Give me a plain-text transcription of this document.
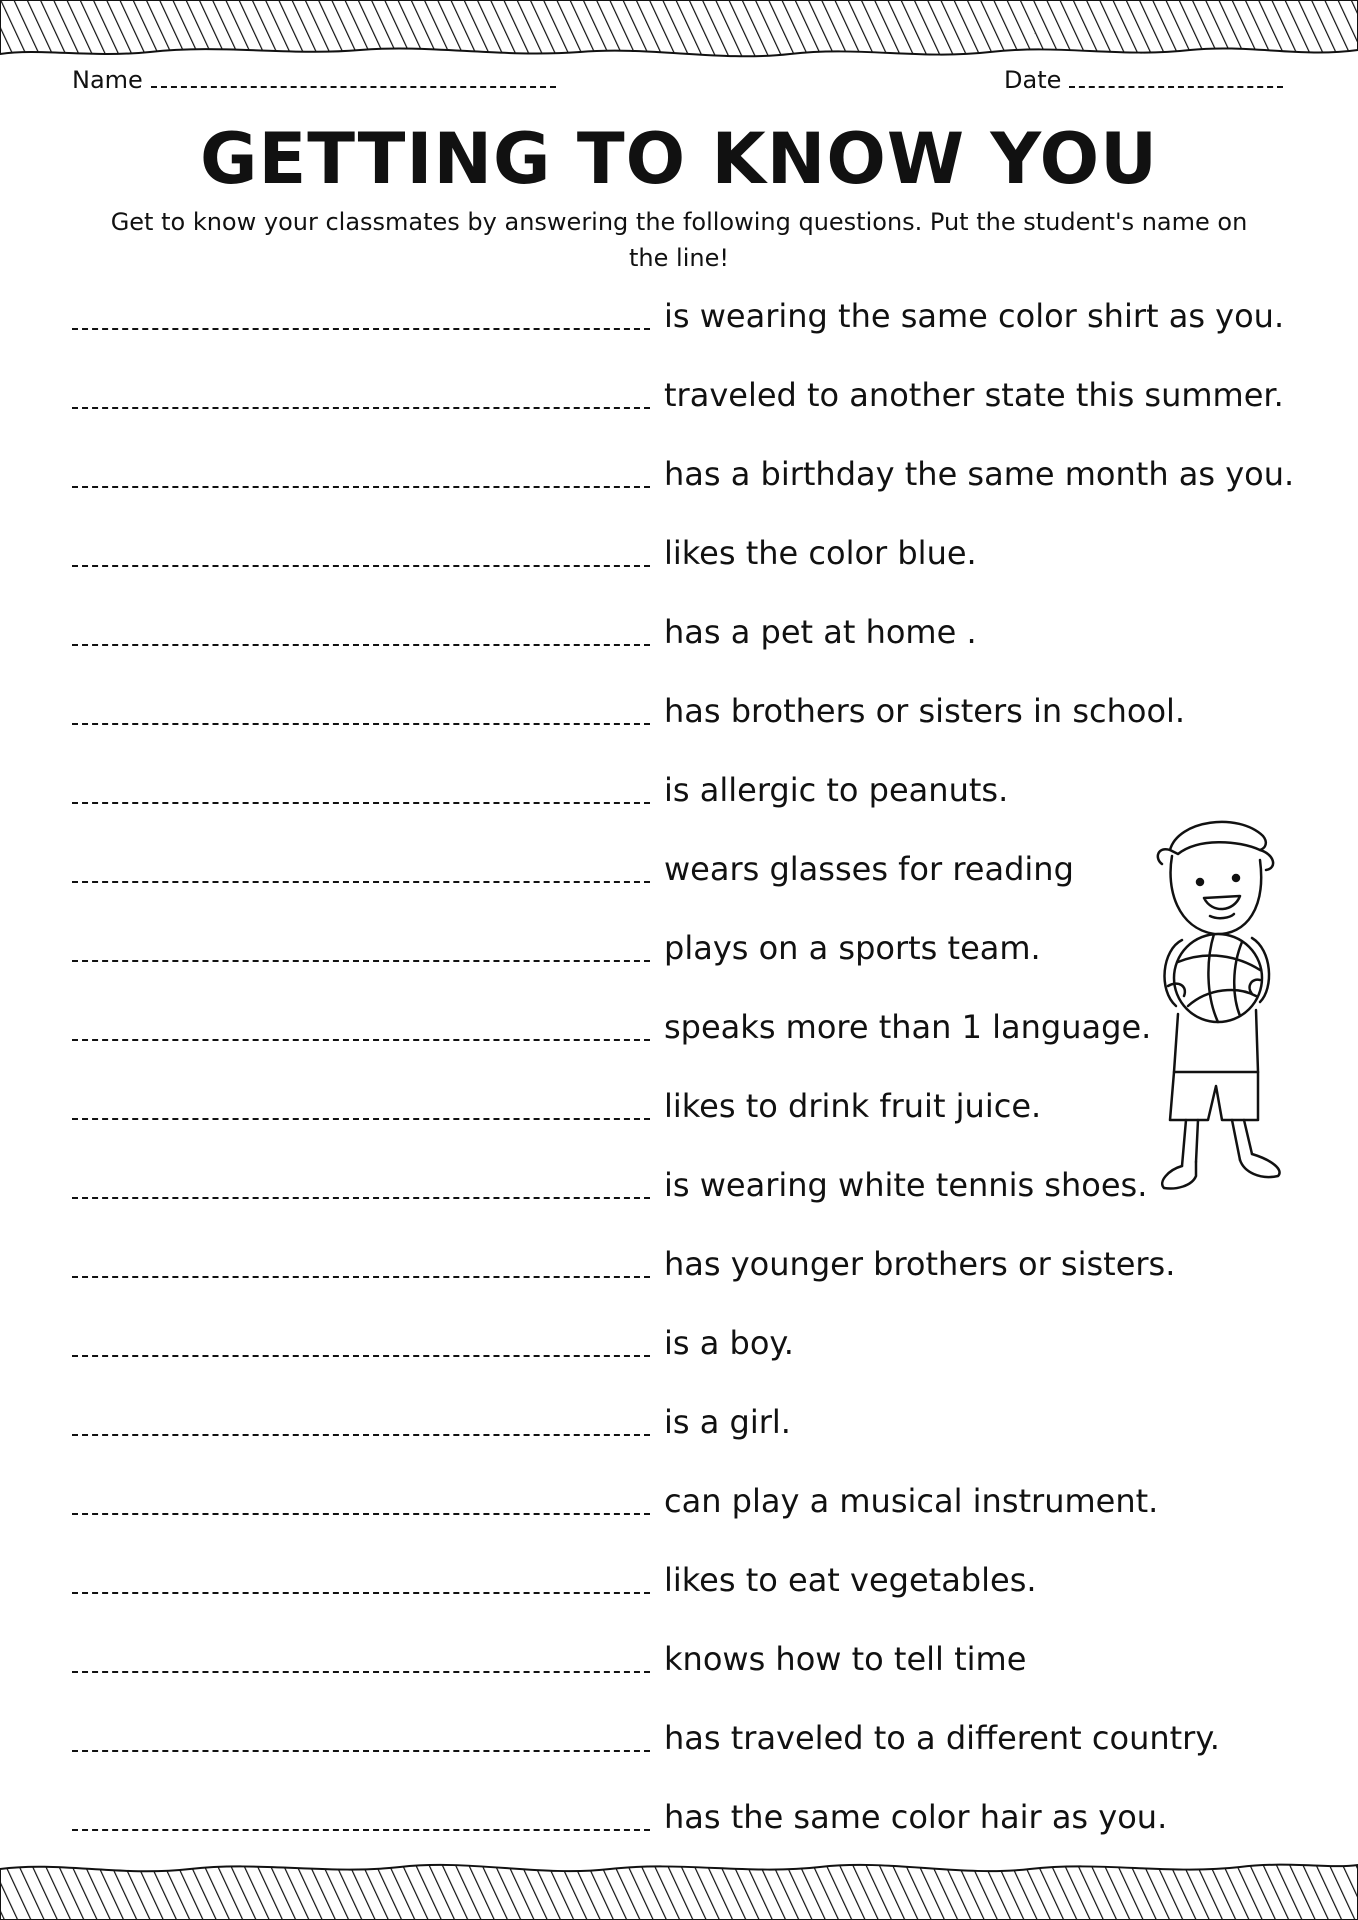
Name	Date
GETTING TO KNOW YOU

Get to know your classmates by answering the following questions. Put the student's name on the line!

is wearing the same color shirt as you.
traveled to another state this summer.
has a birthday the same month as you.
likes the color blue.
has a pet at home .
has brothers or sisters in school.
is allergic to peanuts.
wears glasses for reading
plays on a sports team.
speaks more than 1 language.
likes to drink fruit juice.
is wearing white tennis shoes.
has younger brothers or sisters.
is a boy.
is a girl.
can play a musical instrument.
likes to eat vegetables.
knows how to tell time
has traveled to a different country.
has the same color hair as you.
